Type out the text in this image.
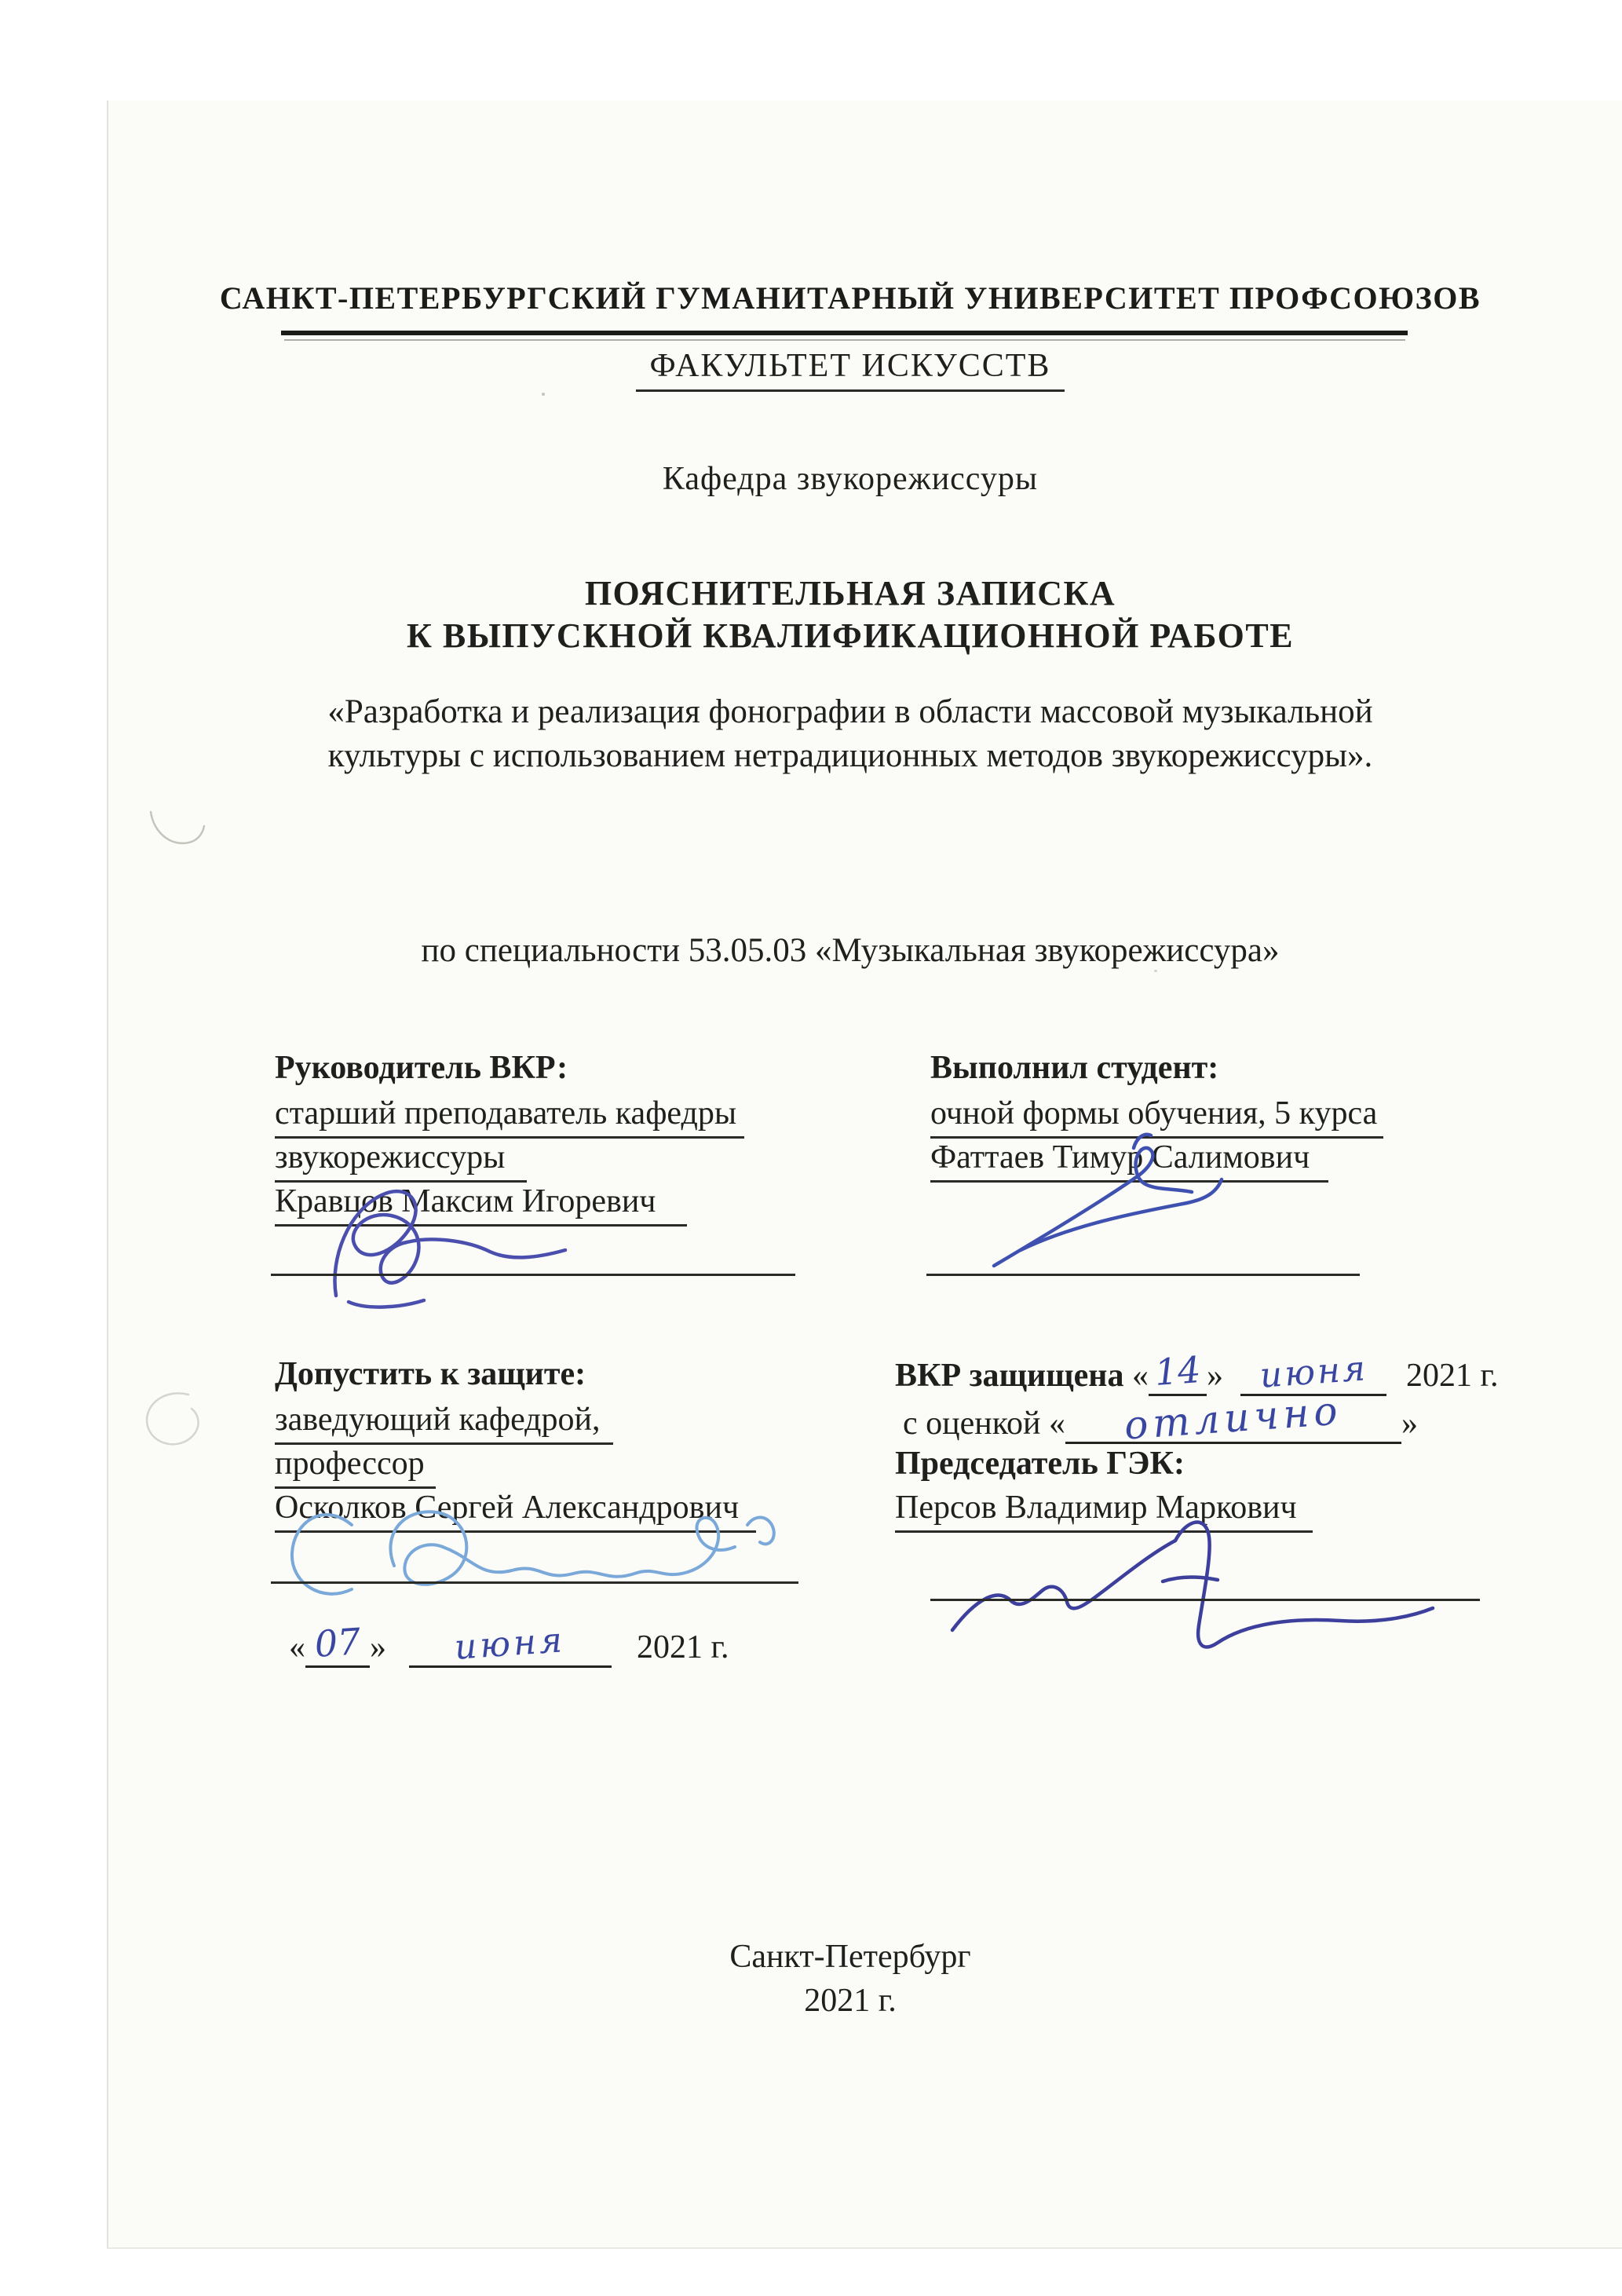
САНКТ-ПЕТЕРБУРГСКИЙ ГУМАНИТАРНЫЙ УНИВЕРСИТЕТ ПРОФСОЮЗОВ
ФАКУЛЬТЕТ ИСКУССТВ
Кафедра звукорежиссуры
ПОЯСНИТЕЛЬНАЯ ЗАПИСКА
К ВЫПУСКНОЙ КВАЛИФИКАЦИОННОЙ РАБОТЕ
«Разработка и реализация фонографии в области массовой музыкальной
культуры с использованием нетрадиционных методов звукорежиссуры».
по специальности 53.05.03 «Музыкальная звукорежиссура»
Руководитель ВКР:
старший преподаватель кафедры
звукорежиссуры
Кравцов Максим Игоревич
Выполнил студент:
очной формы обучения, 5 курса
Фаттаев Тимур Салимович
Допустить к защите:
заведующий кафедрой,
профессор
Осколков Сергей Александрович
« 07 » июня 2021 г.
ВКР защищена « 14 » июня 2021 г.
с оценкой « отлично »
Председатель ГЭК:
Персов Владимир Маркович
Санкт-Петербург
2021 г.
